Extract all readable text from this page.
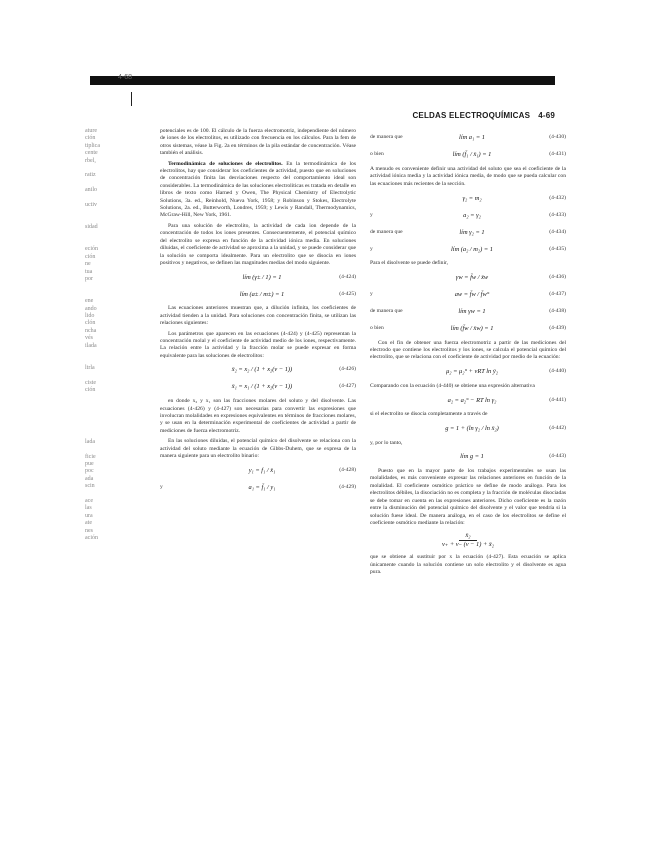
4-68
CELDAS ELECTROQUÍMICAS 4-69
ature
ción
tiplica
cente
rbel,
ratiz
anilo
uctiv
sidad
eción
ción
ne
tua
por
ene
ando
lido
clón
ncha
vés
ilada
ltrla
ciste
ción
lada
ficie
pue
poc
ada
scin
ace
las
ura
ate
nes
ación

potenciales es de 100. El cálculo de la fuerza electromotriz, independiente del número de iones de los electrolitos, es utilizado con frecuencia en los cálculos. Para la fem de otros sistemas, véase la Fig. 2a en términos de la pila estándar de concentración. Véase también el análisis.

Termodinámica de soluciones de electrolitos. En la termodinámica de los electrolitos, hay que considerar los coeficientes de actividad, puesto que en soluciones de concentración finita las desviaciones respecto del comportamiento ideal son considerables. La termodinámica de las soluciones electrolíticas es tratada en detalle en libros de texto como Harned y Owen, The Physical Chemistry of Electrolytic Solutions, 3a. ed., Reinhold, Nueva York, 1958; y Robinson y Stokes, Electrolyte Solutions, 2a. ed., Butterworth, Londres, 1959; y Lewis y Randall, Thermodynamics, McGraw-Hill, New York, 1961.

Para una solución de electrolito, la actividad de cada ion depende de la concentración de todos los iones presentes. Consecuentemente, el potencial químico del electrolito se expresa en función de la actividad iónica media. En soluciones diluidas, el coeficiente de actividad se aproxima a la unidad, y se puede considerar que la solución se comporta idealmente. Para un electrolito que se disocia en iones positivos y negativos, se definen las magnitudes medias del modo siguiente.

lím (γ± / 1) = 1	(4-424)
lím (a± / m±) = 1	(4-425)

Las ecuaciones anteriores muestran que, a dilución infinita, los coeficientes de actividad tienden a la unidad. Para soluciones con concentración finita, se utilizan las relaciones siguientes:

Los parámetros que aparecen en las ecuaciones (4-424) y (4-425) representan la concentración molal y el coeficiente de actividad medio de los iones, respectivamente. La relación entre la actividad y la fracción molar se puede expresar en forma equivalente para las soluciones de electrolitos:

x̄₂ = x₂ / (1 + x₂(ν − 1))	(4-426)
x̄₁ = x₁ / (1 + x₂(ν − 1))	(4-427)

en donde x₂ y x₁ son las fracciones molares del soluto y del disolvente. Las ecuaciones (4-426) y (4-427) son necesarias para convertir las expresiones que involucran molalidades en expresiones equivalentes en términos de fracciones molares, y se usan en la determinación experimental de coeficientes de actividad a partir de mediciones de fuerza electromotriz.

En las soluciones diluidas, el potencial químico del disolvente se relaciona con la actividad del soluto mediante la ecuación de Gibbs-Duhem, que se expresa de la manera siguiente para un electrolito binario:

y₁ = f₁ / x̄₁	(4-428)
y	a₁ = f̄₁ / y₁	(4-429)
de manera que	lím a₁ = 1	(4-430)
o bien	lím (f̄₁ / x̄₁) = 1	(4-431)

A menudo es conveniente definir una actividad del soluto que sea el coeficiente de la actividad iónica media y la actividad iónica media, de modo que se pueda calcular con las ecuaciones más recientes de la sección.

γ₂ = m₂	(4-432)
y	a₂ = γ₂	(4-433)
de manera que	lím γ₂ = 1	(4-434)
y	lím (a₂ / m₂) = 1	(4-435)

Para el disolvente se puede definir,

γw = f̄w / x̄w	(4-436)
y	aw = f̄w / f̄w°	(4-437)
de manera que	lím γw = 1	(4-438)
o bien	lím (f̄w / x̄w) = 1	(4-439)

Con el fin de obtener una fuerza electromotriz a partir de las mediciones del electrodo que contiene los electrolitos y los iones, se calcula el potencial químico del electrolito, que se relaciona con el coeficiente de actividad por medio de la ecuación:

μ₂ = μ₂° + νRT ln ȳ₂	(4-440)

Comparando con la ecuación (4-440) se obtiene una expresión alternativa

a₂ = a₂° − RT ln γ₂	(4-441)

si el electrolito se disocia completamente a través de

g = 1 + (ln γ₂ / ln x̄₂)	(4-442)

y, por lo tanto,

lím g = 1	(4-443)

Puesto que en la mayor parte de los trabajos experimentales se usan las molalidades, es más conveniente expresar las relaciones anteriores en función de la molalidad. El coeficiente osmótico práctico se define de modo análogo. Para los electrolitos débiles, la disociación no es completa y la fracción de moléculas disociadas se debe tomar en cuenta en las expresiones anteriores. Dicho coeficiente es la razón entre la disminución del potencial químico del disolvente y el valor que tendría si la solución fuese ideal. De manera análoga, en el caso de los electrolitos se define el coeficiente osmótico mediante la relación:

x̄₂
ν₊ + ν₋ (ν − 1) + x̄₂

que se obtiene al sustituir por x la ecuación (4-427). Esta ecuación se aplica únicamente cuando la solución contiene un solo electrolito y el disolvente es agua pura.
